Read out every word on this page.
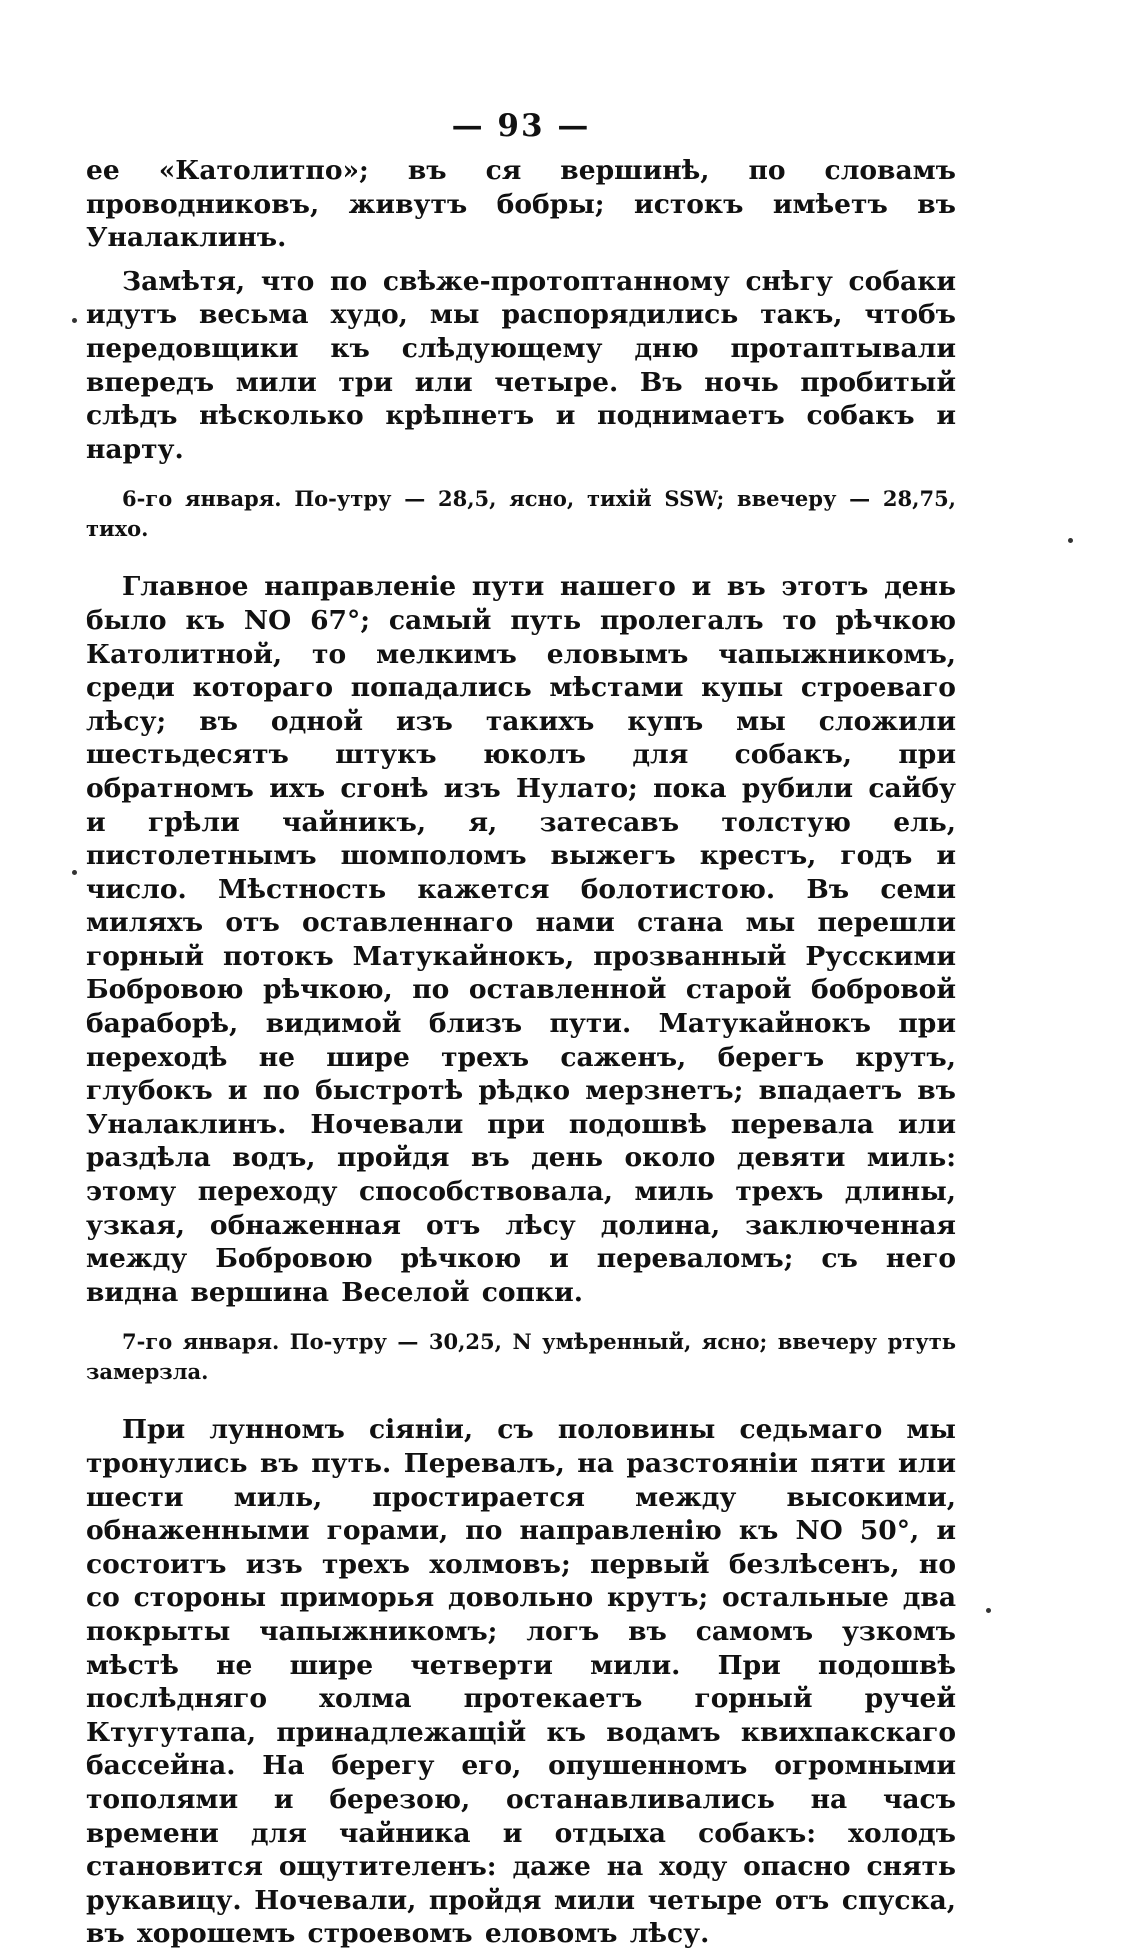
— 93 —

ее «Католитпо»; въ ся вершинѣ, по словамъ проводниковъ, живутъ бобры; истокъ имѣетъ въ Уналаклинъ.

Замѣтя, что по свѣже-протоптанному снѣгу собаки идутъ весьма худо, мы распорядились такъ, чтобъ передовщики къ слѣдующему дню протаптывали впередъ мили три или четыре. Въ ночь пробитый слѣдъ нѣсколько крѣпнетъ и поднимаетъ собакъ и нарту.

6-го января. По-утру — 28,5, ясно, тихій SSW; ввечеру — 28,75, тихо.

Главное направленіе пути нашего и въ этотъ день было къ NO 67°; самый путь пролегалъ то рѣчкою Католитной, то мелкимъ еловымъ чапыжникомъ, среди котораго попадались мѣстами купы строеваго лѣсу; въ одной изъ такихъ купъ мы сложили шестьдесятъ штукъ юколъ для собакъ, при обратномъ ихъ сгонѣ изъ Нулато; пока рубили сайбу и грѣли чайникъ, я, затесавъ толстую ель, пистолетнымъ шомполомъ выжегъ крестъ, годъ и число. Мѣстность кажется болотистою. Въ семи миляхъ отъ оставленнаго нами стана мы перешли горный потокъ Матукайнокъ, прозванный Русскими Бобровою рѣчкою, по оставленной старой бобровой бараборѣ, видимой близъ пути. Матукайнокъ при переходѣ не шире трехъ саженъ, берегъ крутъ, глубокъ и по быстротѣ рѣдко мерзнетъ; впадаетъ въ Уналаклинъ. Ночевали при подошвѣ перевала или раздѣла водъ, пройдя въ день около девяти миль: этому переходу способствовала, миль трехъ длины, узкая, обнаженная отъ лѣсу долина, заключенная между Бобровою рѣчкою и переваломъ; съ него видна вершина Веселой сопки.

7-го января. По-утру — 30,25, N умѣренный, ясно; ввечеру ртуть замерзла.

При лунномъ сіяніи, съ половины седьмаго мы тронулись въ путь. Перевалъ, на разстояніи пяти или шести миль, простирается между высокими, обнаженными горами, по направленію къ NO 50°, и состоитъ изъ трехъ холмовъ; первый безлѣсенъ, но со стороны приморья довольно крутъ; остальные два покрыты чапыжникомъ; логъ въ самомъ узкомъ мѣстѣ не шире четверти мили. При подошвѣ послѣдняго холма протекаетъ горный ручей Ктугутапа, принадлежащій къ водамъ квихпакскаго бассейна. На берегу его, опушенномъ огромными тополями и березою, останавливались на часъ времени для чайника и отдыха собакъ: холодъ становится ощутителенъ: даже на ходу опасно снять рукавицу. Ночевали, пройдя мили четыре отъ спуска, въ хорошемъ строевомъ еловомъ лѣсу.
